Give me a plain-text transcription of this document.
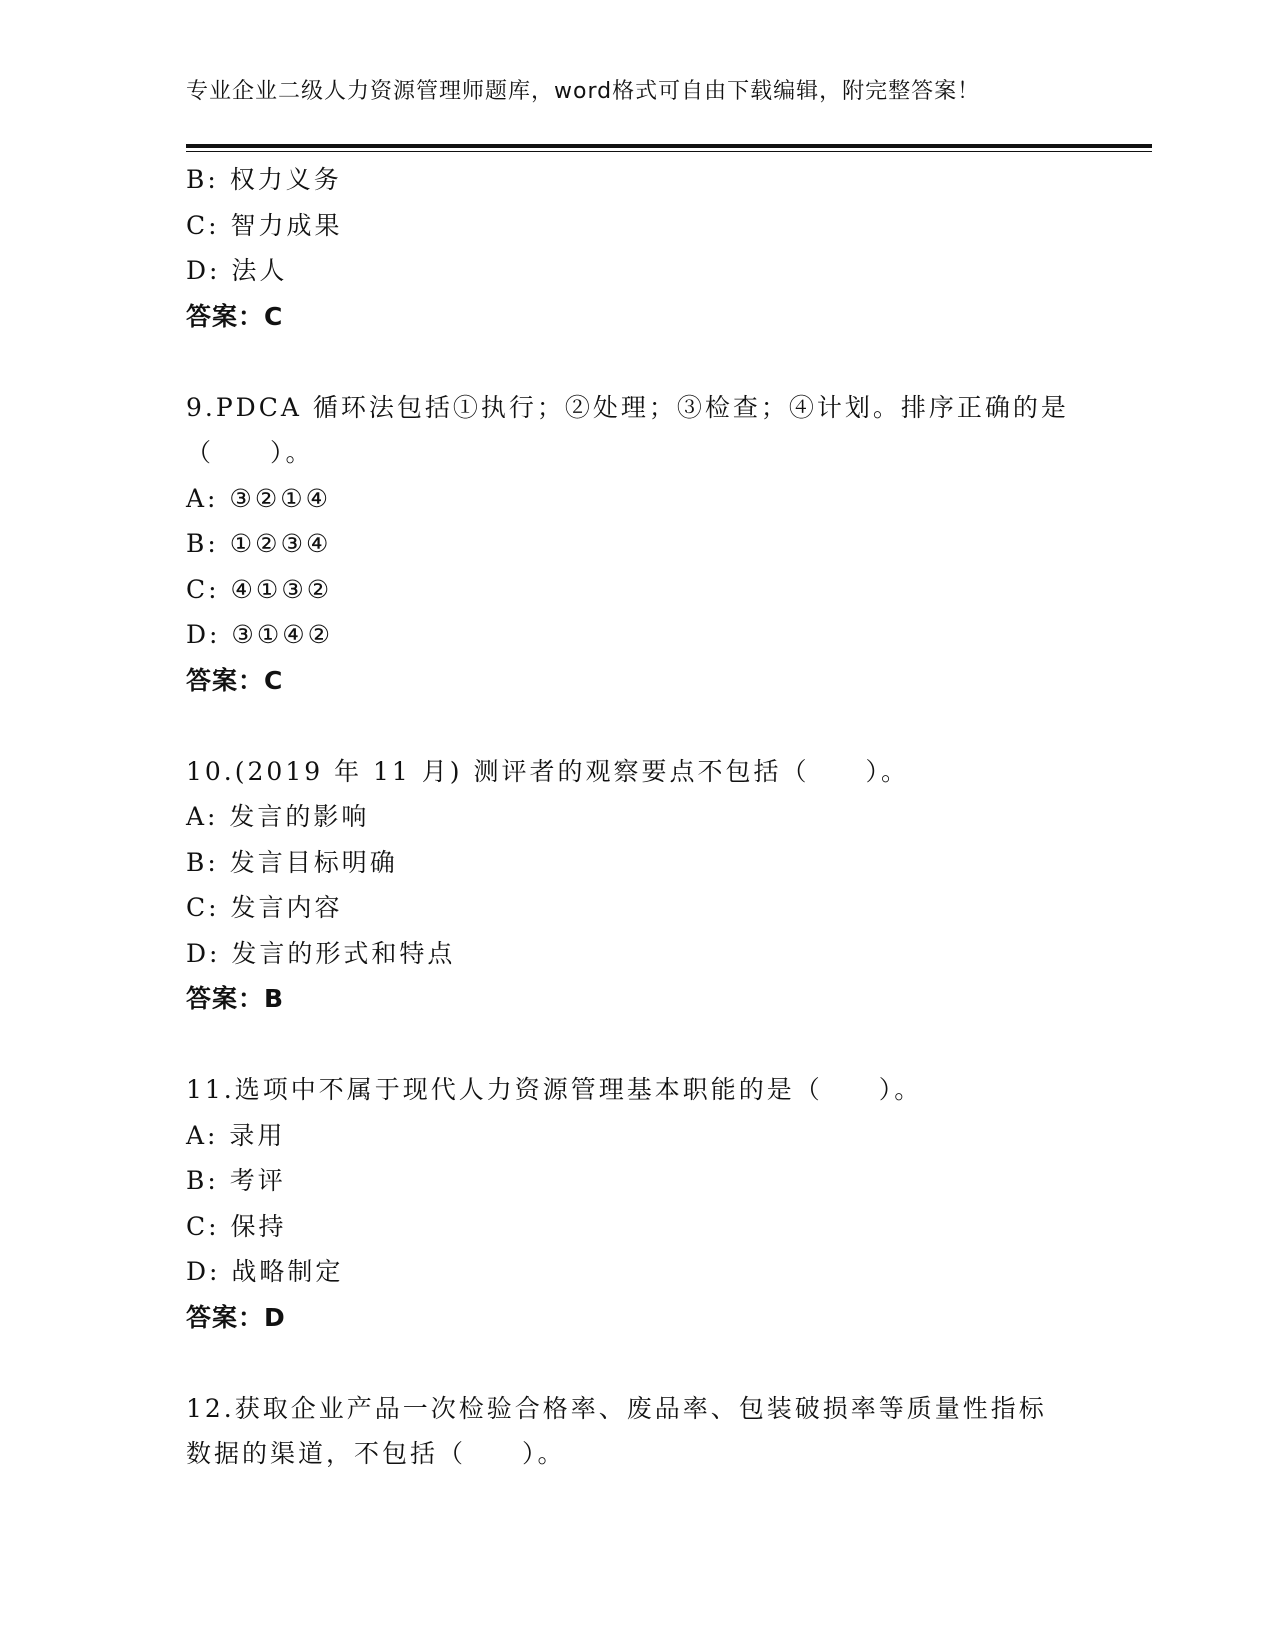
专业企业二级人力资源管理师题库，word格式可自由下载编辑，附完整答案！
B: 权力义务
C: 智力成果
D: 法人
答案：C
9.PDCA 循环法包括①执行；②处理；③检查；④计划。排序正确的是
（　　）。
A: ③②①④
B: ①②③④
C: ④①③②
D: ③①④②
答案：C
10.(2019 年 11 月) 测评者的观察要点不包括（　　）。
A: 发言的影响
B: 发言目标明确
C: 发言内容
D: 发言的形式和特点
答案：B
11.选项中不属于现代人力资源管理基本职能的是（　　）。
A: 录用
B: 考评
C: 保持
D: 战略制定
答案：D
12.获取企业产品一次检验合格率、废品率、包装破损率等质量性指标
数据的渠道，不包括（　　）。
